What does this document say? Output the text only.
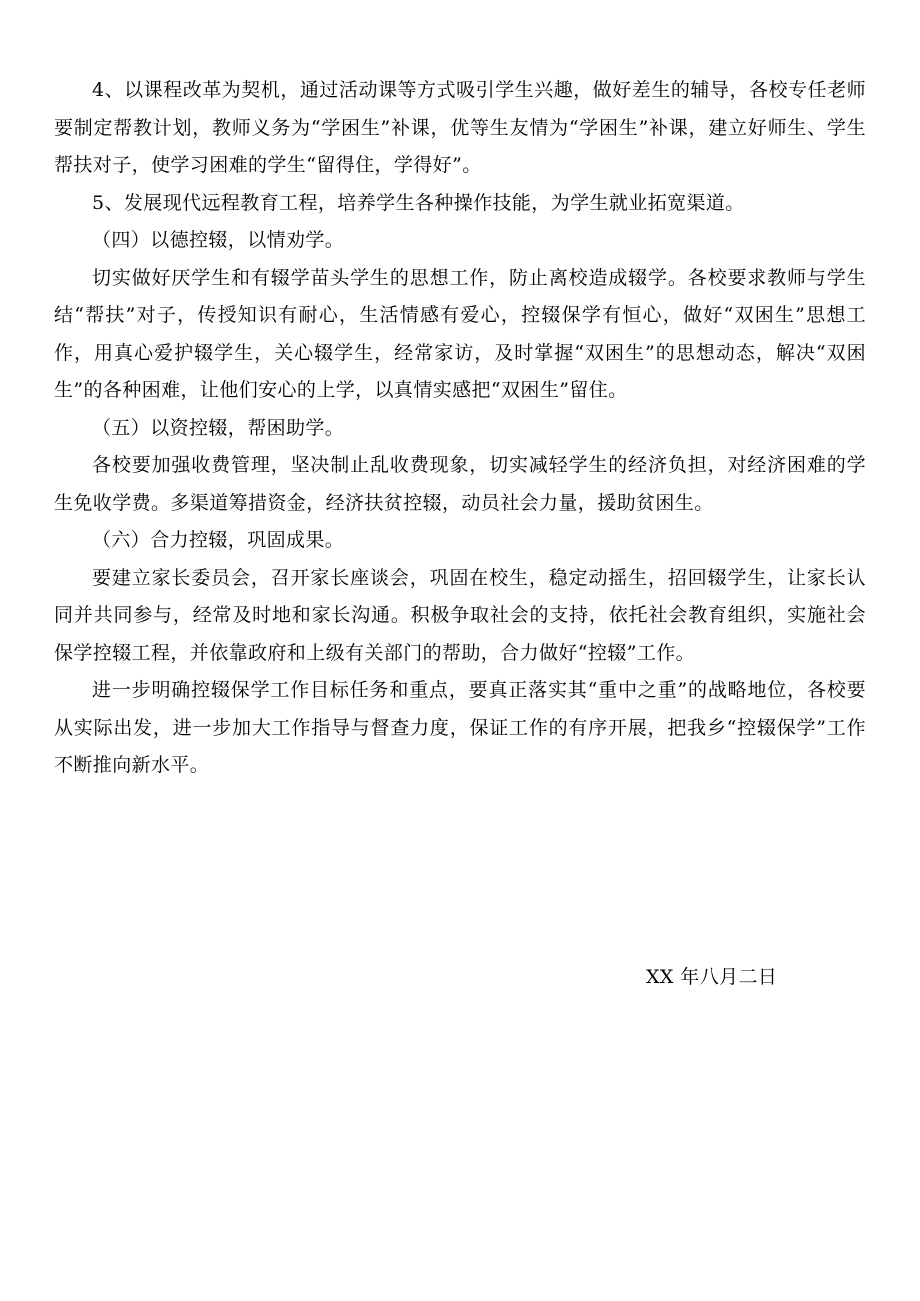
4、以课程改革为契机，通过活动课等方式吸引学生兴趣，做好差生的辅导，各校专任老师要制定帮教计划，教师义务为“学困生”补课，优等生友情为“学困生”补课，建立好师生、学生帮扶对子，使学习困难的学生“留得住，学得好”。

5、发展现代远程教育工程，培养学生各种操作技能，为学生就业拓宽渠道。

（四）以德控辍，以情劝学。

切实做好厌学生和有辍学苗头学生的思想工作，防止离校造成辍学。各校要求教师与学生结“帮扶”对子，传授知识有耐心，生活情感有爱心，控辍保学有恒心，做好“双困生”思想工作，用真心爱护辍学生，关心辍学生，经常家访，及时掌握“双困生”的思想动态，解决“双困生”的各种困难，让他们安心的上学，以真情实感把“双困生”留住。

（五）以资控辍，帮困助学。

各校要加强收费管理，坚决制止乱收费现象，切实减轻学生的经济负担，对经济困难的学生免收学费。多渠道筹措资金，经济扶贫控辍，动员社会力量，援助贫困生。

（六）合力控辍，巩固成果。

要建立家长委员会，召开家长座谈会，巩固在校生，稳定动摇生，招回辍学生，让家长认同并共同参与，经常及时地和家长沟通。积极争取社会的支持，依托社会教育组织，实施社会保学控辍工程，并依靠政府和上级有关部门的帮助，合力做好“控辍”工作。

进一步明确控辍保学工作目标任务和重点，要真正落实其“重中之重”的战略地位，各校要从实际出发，进一步加大工作指导与督查力度，保证工作的有序开展，把我乡“控辍保学”工作不断推向新水平。

XX 年八月二日
